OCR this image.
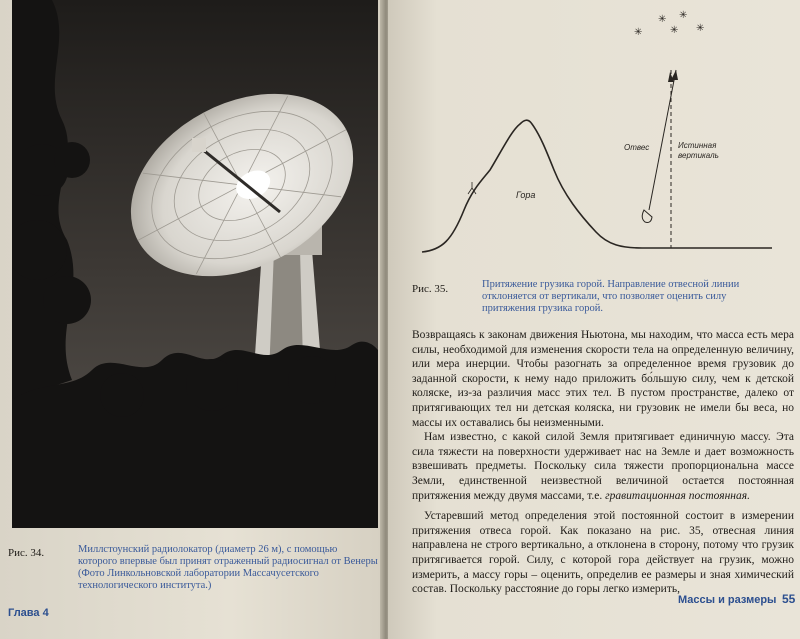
Рис. 34.	Миллстоунский радиолокатор (диаметр 26 м), с помощью которого впервые был принят отраженный радиосигнал от Венеры (Фото Линкольновской лаборатории Массачусетского технологического института.)
Глава 4
✳ ✳
✳	✳ ✳
Гора
Отвес	Истинная
вертикаль
Рис. 35.	Притяжение грузика горой. Направление отвесной линии отклоняется от вертикали, что позволяет оценить силу притяжения грузика горой.

Возвращаясь к законам движения Ньютона, мы находим, что масса есть мера силы, необходимой для изменения скорости тела на определенную величину, или мера инерции. Чтобы разогнать за определенное время грузовик до заданной скорости, к нему надо приложить бо́льшую силу, чем к детской коляске, из-за различия масс этих тел. В пустом пространстве, далеко от притягивающих тел ни детская коляска, ни грузовик не имели бы веса, но массы их оставались бы неизменными.

Нам известно, с какой силой Земля притягивает единичную массу. Эта сила тяжести на поверхности удерживает нас на Земле и дает возможность взвешивать предметы. Поскольку сила тяжести пропорциональна массе Земли, единственной неизвестной величиной остается постоянная притяжения между двумя массами, т.е. гравитационная постоянная.

Устаревший метод определения этой постоянной состоит в измерении притяжения отвеса горой. Как показано на рис. 35, отвесная линия направлена не строго вертикально, а отклонена в сторону, потому что грузик притягивается горой. Силу, с которой гора действует на грузик, можно измерить, а массу горы – оценить, определив ее размеры и зная химический состав. Поскольку расстояние до горы легко измерить,

Массы и размеры 55
